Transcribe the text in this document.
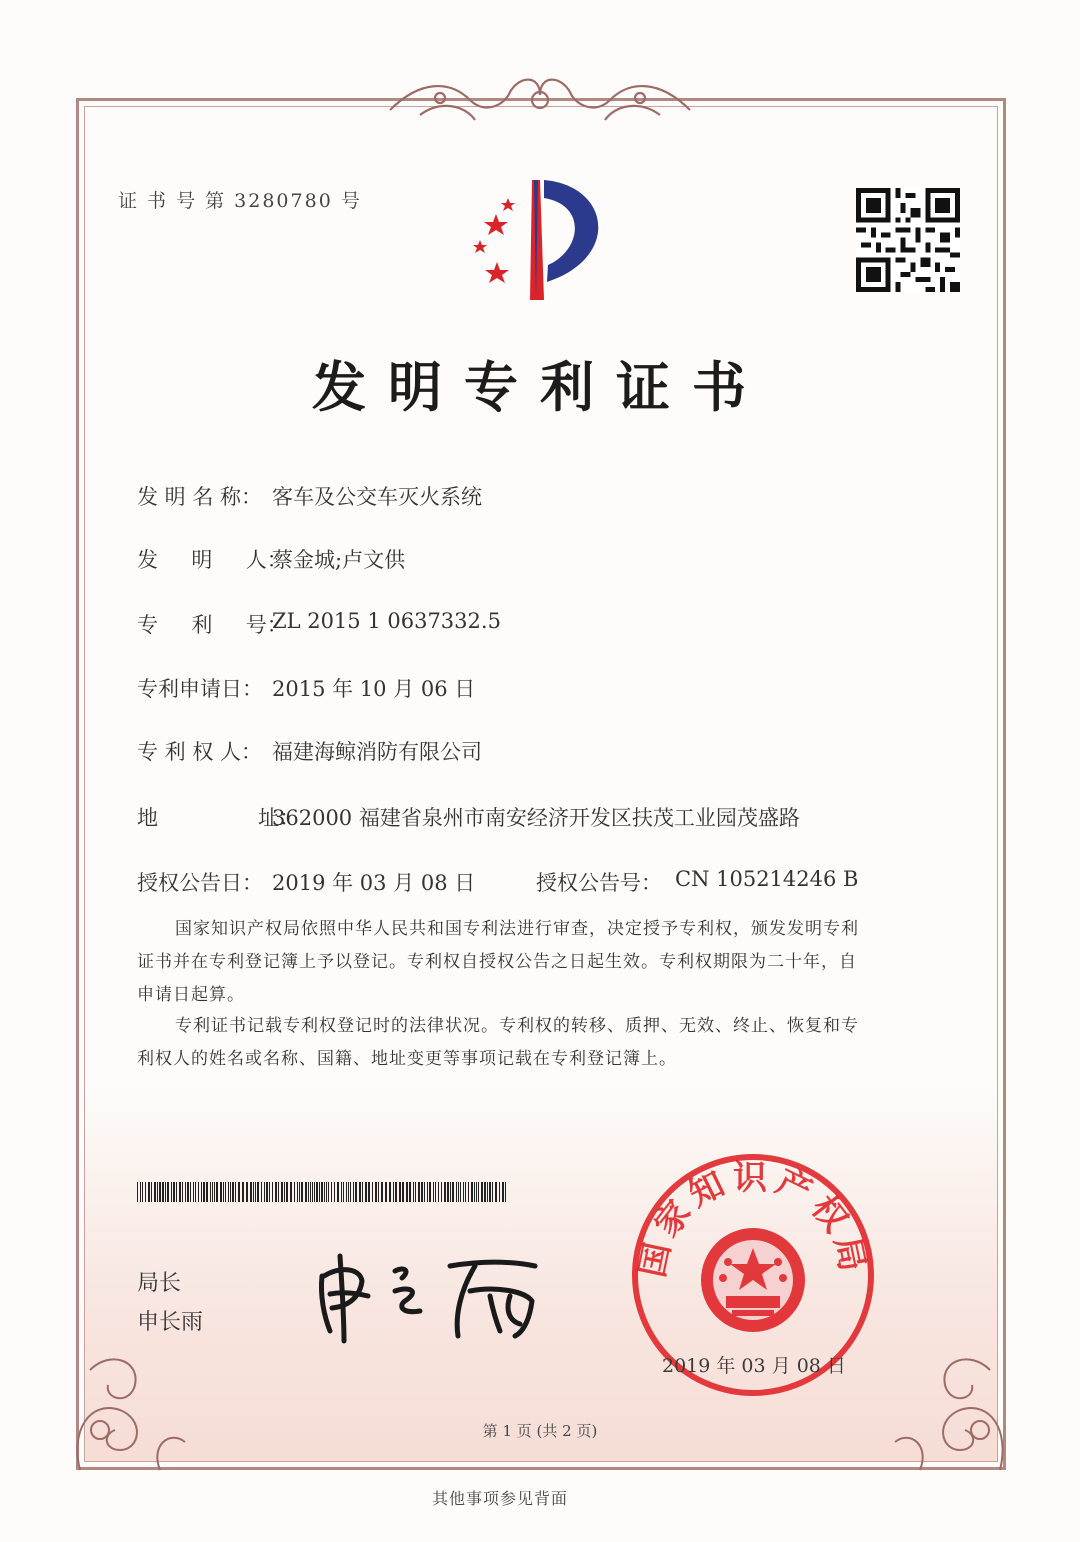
证 书 号 第 3280780 号
发明专利证书
发 明 名 称： 客车及公交车灭火系统
发     明     人：
蔡金城;卢文供
专     利     号：
ZL 2015 1 0637332.5
专利申请日： 2015 年 10 月 06 日
专 利 权 人： 福建海鲸消防有限公司
地               址：
362000 福建省泉州市南安经济开发区扶茂工业园茂盛路
授权公告日： 2019 年 03 月 08 日	授权公告号： CN 105214246 B
国家知识产权局依照中华人民共和国专利法进行审查，决定授予专利权，颁发发明专利
证书并在专利登记簿上予以登记。专利权自授权公告之日起生效。专利权期限为二十年，自
申请日起算。
专利证书记载专利权登记时的法律状况。专利权的转移、质押、无效、终止、恢复和专
利权人的姓名或名称、国籍、地址变更等事项记载在专利登记簿上。
局长
申长雨
国家知识产权局
2019 年 03 月 08 日
第 1 页 (共 2 页)
其他事项参见背面
